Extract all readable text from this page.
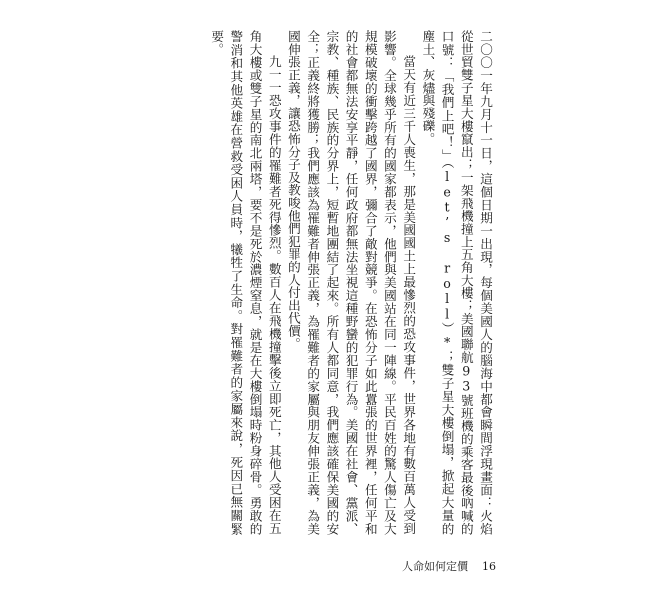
二〇〇一年九月十一日，這個日期一出現，每個美國人的腦海中都會瞬間浮現畫面：火焰從世貿雙子星大樓竄出；一架飛機撞上五角大樓；美國聯航93號班機的乘客最後吶喊的口號：「我們上吧！」（let’s roll）*；雙子星大樓倒塌，掀起大量的塵土、灰燼與殘礫。

當天有近三千人喪生，那是美國國土上最慘烈的恐攻事件，世界各地有數百萬人受到影響。全球幾乎所有的國家都表示，他們與美國站在同一陣線。平民百姓的驚人傷亡及大規模破壞的衝擊跨越了國界，彌合了敵對競爭。在恐怖分子如此囂張的世界裡，任何平和的社會都無法安享平靜，任何政府都無法坐視這種野蠻的犯罪行為。美國在社會、黨派、宗教、種族、民族的分界上，短暫地團結了起來。所有人都同意，我們應該確保美國的安全；正義終將獲勝；我們應該為罹難者伸張正義，為罹難者的家屬與朋友伸張正義，為美國伸張正義，讓恐怖分子及教唆他們犯罪的人付出代價。

九一一恐攻事件的罹難者死得慘烈。數百人在飛機撞擊後立即死亡，其他人受困在五角大樓或雙子星的南北兩塔，要不是死於濃煙窒息，就是在大樓倒塌時粉身碎骨。勇敢的警消和其他英雄在營救受困人員時，犧牲了生命。對罹難者的家屬來說，死因已無關緊要。

人命如何定價 16
